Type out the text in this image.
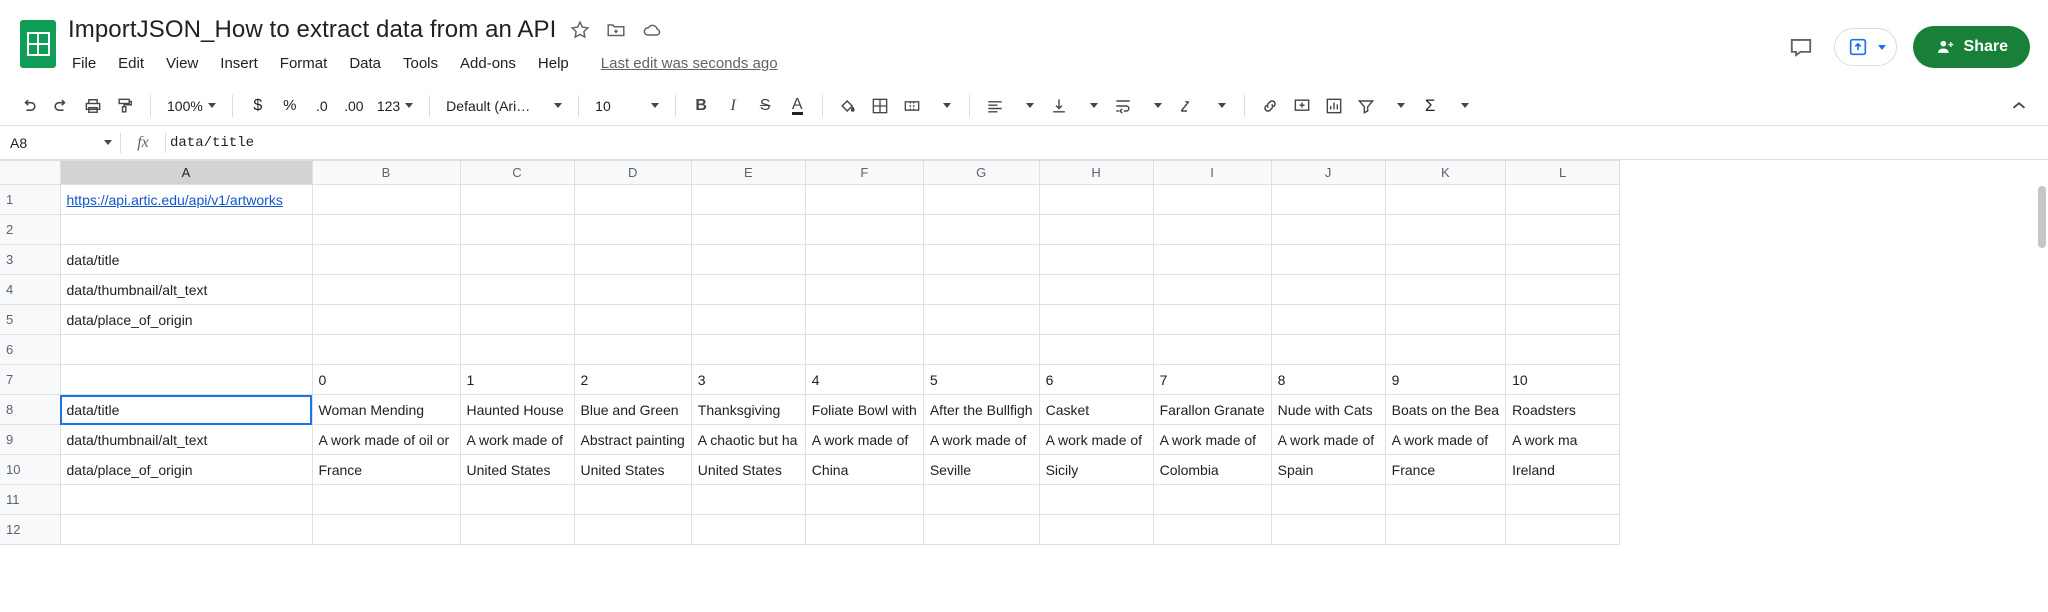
ImportJSON_How to extract data from an API
File Edit View Insert Format Data Tools Add-ons Help Last edit was seconds ago
Share
100%	$ % .0 .00 123	Default (Ari…	10	B I S A	Σ
A8	fx	data/title
	A	B	C	D	E	F	G	H	I	J	K	L
1	https://api.artic.edu/api/v1/artworks											
2												
3	data/title											
4	data/thumbnail/alt_text											
5	data/place_of_origin											
6												
7		0	1	2	3	4	5	6	7	8	9	10
8	data/title	Woman Mending	Haunted House	Blue and Green	Thanksgiving	Foliate Bowl with	After the Bullfigh	Casket	Farallon Granate	Nude with Cats	Boats on the Bea	Roadsters
9	data/thumbnail/alt_text	A work made of oil or	A work made of	Abstract painting	A chaotic but ha	A work made of	A work made of	A work made of	A work made of	A work made of	A work made of	A work ma
10	data/place_of_origin	France	United States	United States	United States	China	Seville	Sicily	Colombia	Spain	France	Ireland
11												
12												
